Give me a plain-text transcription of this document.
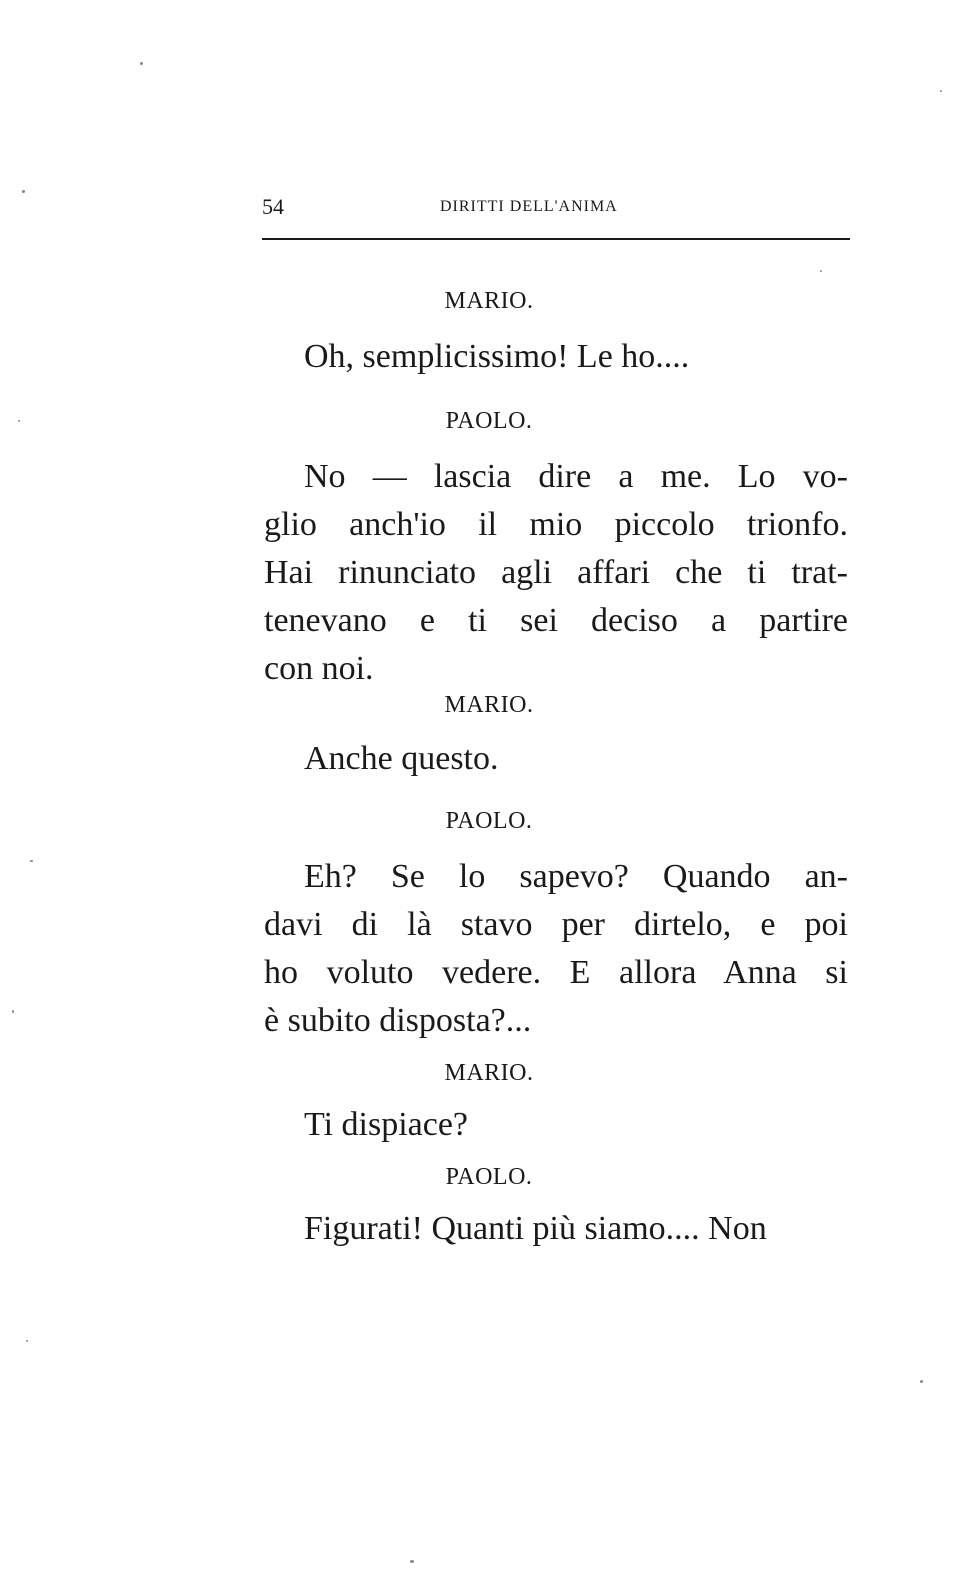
54	DIRITTI DELL'ANIMA
MARIO.
Oh, semplicissimo! Le ho....
PAOLO.
No — lascia dire a me. Lo vo-
glio anch'io il mio piccolo trionfo.
Hai rinunciato agli affari che ti trat-
tenevano e ti sei deciso a partire
con noi.
MARIO.
Anche questo.
PAOLO.
Eh? Se lo sapevo? Quando an-
davi di là stavo per dirtelo, e poi
ho voluto vedere. E allora Anna si
è subito disposta?...
MARIO.
Ti dispiace?
PAOLO.
Figurati! Quanti più siamo.... Non
